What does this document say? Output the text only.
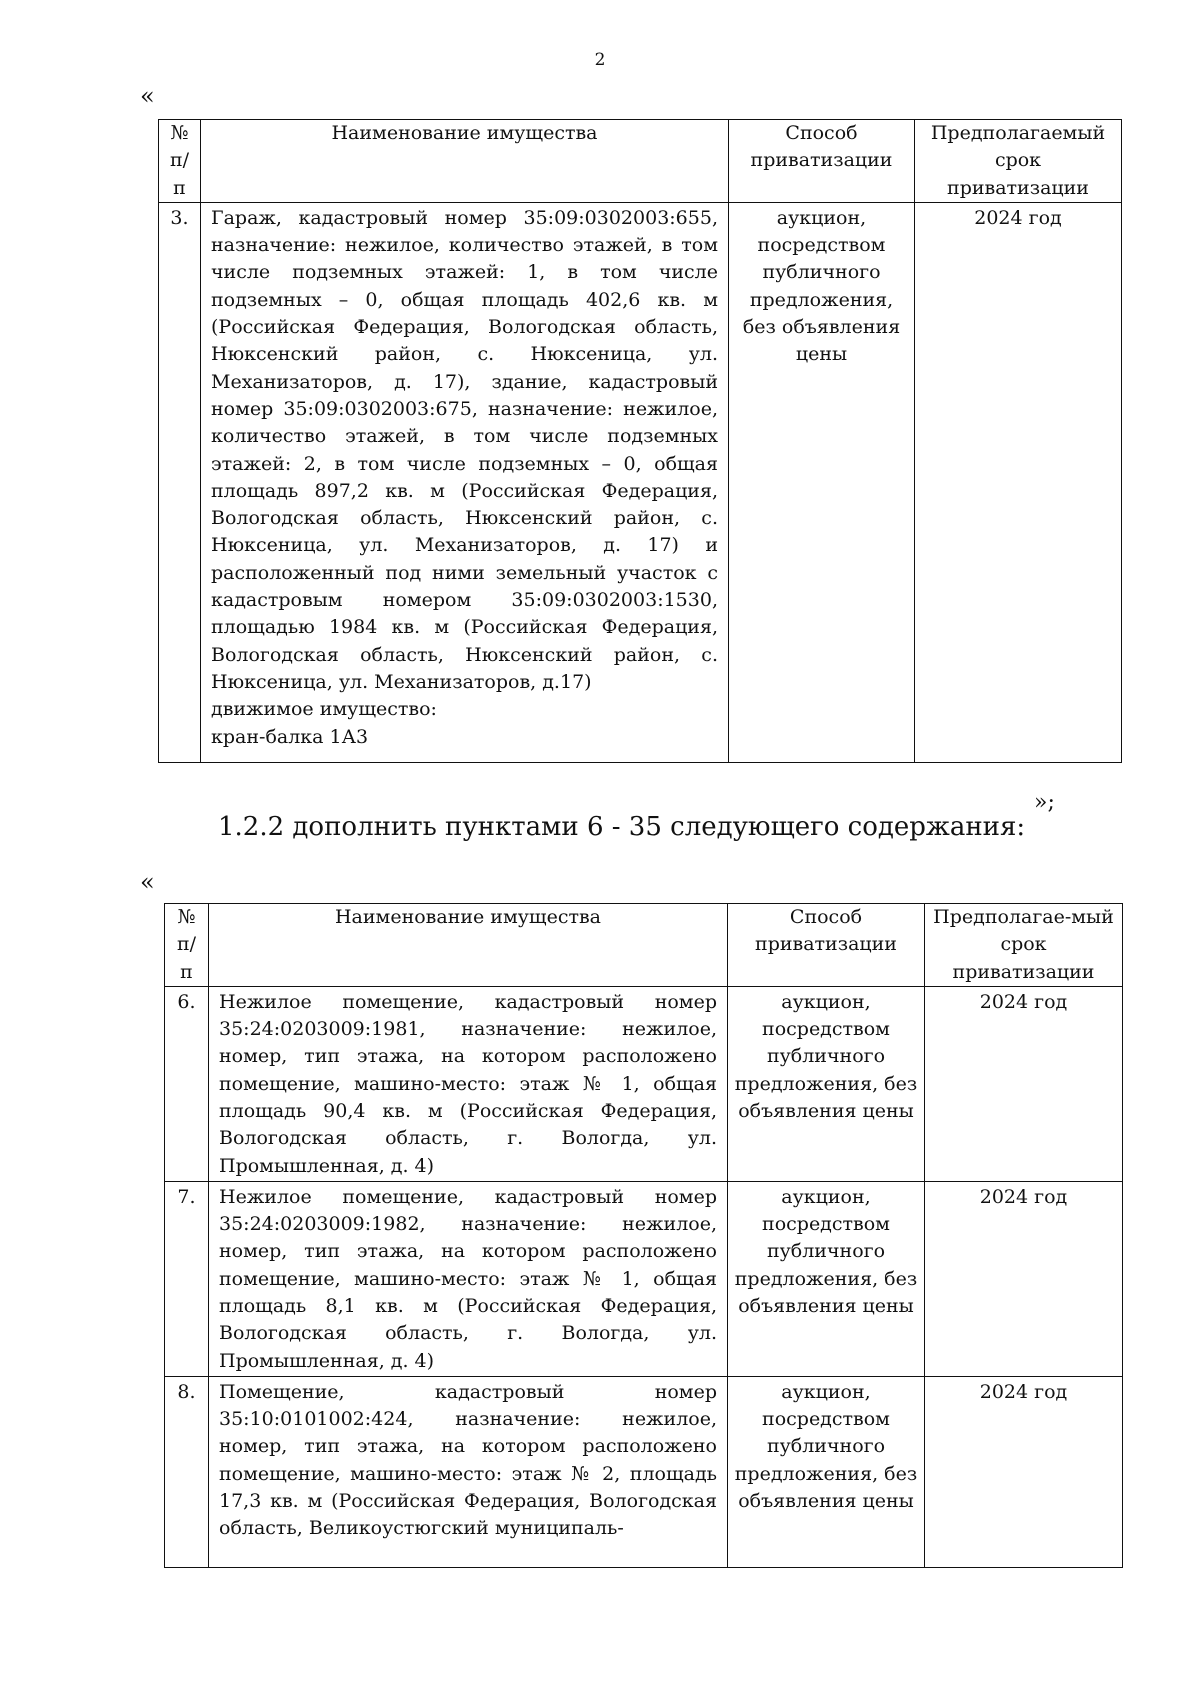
2
«
№ п/п	Наименование имущества	Способ приватизации	Предполагаемый срок приватизации
3.	Гараж, кадастровый номер 35:09:0302003:655, назначение: нежилое, количество этажей, в том числе подземных этажей: 1, в том числе подземных – 0, общая площадь 402,6 кв. м (Российская Федерация, Вологодская область, Нюксенский район, с. Нюксеница, ул. Механизаторов, д. 17), здание, кадастровый номер 35:09:0302003:675, назначение: нежилое, количество этажей, в том числе подземных этажей: 2, в том числе подземных – 0, общая площадь 897,2 кв. м (Российская Федерация, Вологодская область, Нюксенский район, с. Нюксеница, ул. Механизаторов, д. 17) и расположенный под ними земельный участок с кадастровым номером 35:09:0302003:1530, площадью 1984 кв. м (Российская Федерация, Вологодская область, Нюксенский район, с. Нюксеница, ул. Механизаторов, д.17)
движимое имущество:
кран-балка 1А3	аукцион, посредством публичного предложения, без объявления цены	2024 год
»;
1.2.2 дополнить пунктами 6 - 35 следующего содержания:
«
№ п/п	Наименование имущества	Способ приватизации	Предполагае-мый срок приватизации
6.	Нежилое помещение, кадастровый номер 35:24:0203009:1981, назначение: нежилое, номер, тип этажа, на котором расположено помещение, машино-место: этаж № 1, общая площадь 90,4 кв. м (Российская Федерация, Вологодская область, г. Вологда, ул. Промышленная, д. 4)	аукцион, посредством публичного предложения, без объявления цены	2024 год
7.	Нежилое помещение, кадастровый номер 35:24:0203009:1982, назначение: нежилое, номер, тип этажа, на котором расположено помещение, машино-место: этаж № 1, общая площадь 8,1 кв. м (Российская Федерация, Вологодская область, г. Вологда, ул. Промышленная, д. 4)	аукцион, посредством публичного предложения, без объявления цены	2024 год

8.	Помещение, кадастровый номер 35:10:0101002:424, назначение: нежилое, номер, тип этажа, на котором расположено помещение, машино-место: этаж № 2, площадь 17,3 кв. м (Российская Федерация, Вологодская область, Великоустюгский муниципаль-	аукцион, посредством публичного предложения, без объявления цены	2024 год
